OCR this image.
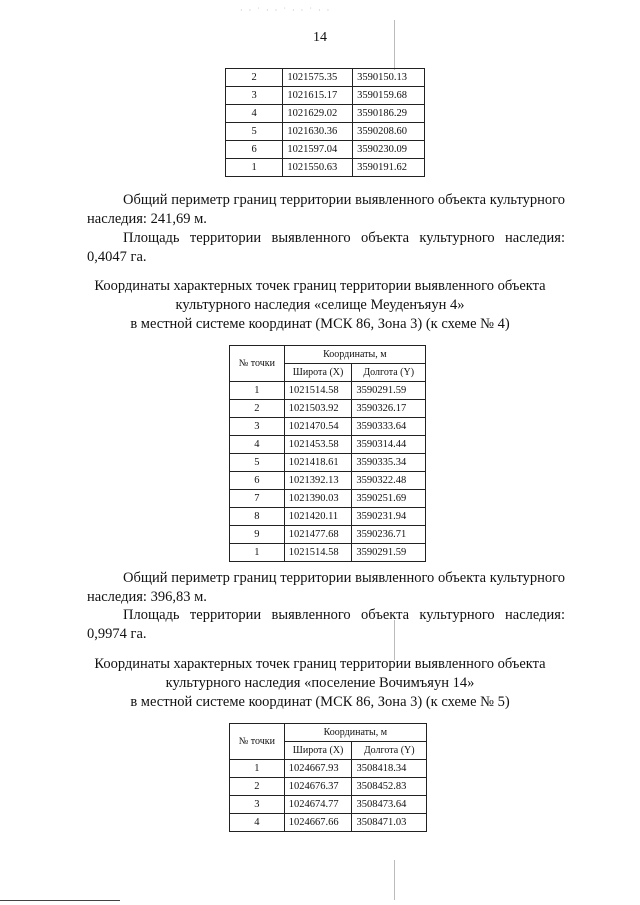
· · ˙ · · ˙ · · ˙ · ·
14
2	1021575.35	3590150.13
3	1021615.17	3590159.68
4	1021629.02	3590186.29
5	1021630.36	3590208.60
6	1021597.04	3590230.09
1	1021550.63	3590191.62
Общий периметр границ территории выявленного объекта культурного наследия: 241,69 м.
Площадь территории выявленного объекта культурного наследия: 0,4047 га.
Координаты характерных точек границ территории выявленного объекта
культурного наследия «селище Меуденъяун 4»
в местной системе координат (МСК 86, Зона 3) (к схеме № 4)
№ точки	Координаты, м	
	Широта (X)	Долгота (Y)
1	1021514.58	3590291.59
2	1021503.92	3590326.17
3	1021470.54	3590333.64
4	1021453.58	3590314.44
5	1021418.61	3590335.34
6	1021392.13	3590322.48
7	1021390.03	3590251.69
8	1021420.11	3590231.94
9	1021477.68	3590236.71
1	1021514.58	3590291.59
Общий периметр границ территории выявленного объекта культурного наследия: 396,83 м.
Площадь территории выявленного объекта культурного наследия: 0,9974 га.
Координаты характерных точек границ территории выявленного объекта
культурного наследия «поселение Вочимъяун 14»
в местной системе координат (МСК 86, Зона 3) (к схеме № 5)
№ точки	Координаты, м	
	Широта (X)	Долгота (Y)
1	1024667.93	3508418.34
2	1024676.37	3508452.83
3	1024674.77	3508473.64
4	1024667.66	3508471.03
